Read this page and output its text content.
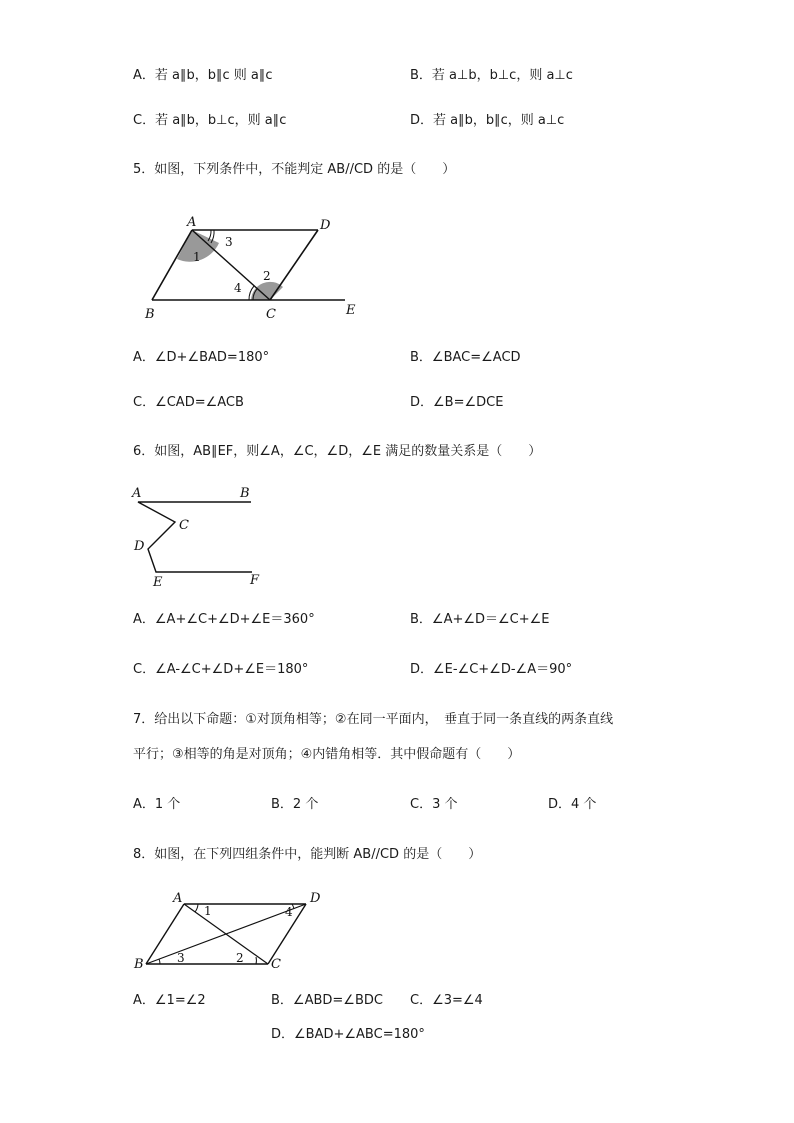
A．若 a∥b，b∥c 则 a∥c	B．若 a⊥b，b⊥c，则 a⊥c
C．若 a∥b，b⊥c，则 a∥c	D．若 a∥b，b∥c，则 a⊥c
5．如图，下列条件中，不能判定 AB//CD 的是（　　）
A	D
B	C	E
1
2
3
4
A．∠D+∠BAD=180°	B．∠BAC=∠ACD
C．∠CAD=∠ACB	D．∠B=∠DCE
6．如图，AB∥EF，则∠A，∠C，∠D，∠E 满足的数量关系是（　　）
A	B
C
D
E	F
A．∠A+∠C+∠D+∠E＝360°	B．∠A+∠D＝∠C+∠E
C．∠A-∠C+∠D+∠E＝180°	D．∠E-∠C+∠D-∠A＝90°
7．给出以下命题：①对顶角相等；②在同一平面内，　垂直于同一条直线的两条直线
平行；③相等的角是对顶角；④内错角相等．其中假命题有（　　）
A．1 个	B．2 个	C．3 个	D．4 个
8．如图，在下列四组条件中，能判断 AB//CD 的是（　　）
A	D
B	C
1
2
3
4
A．∠1=∠2	B．∠ABD=∠BDC C．∠3=∠4
D．∠BAD+∠ABC=180°
